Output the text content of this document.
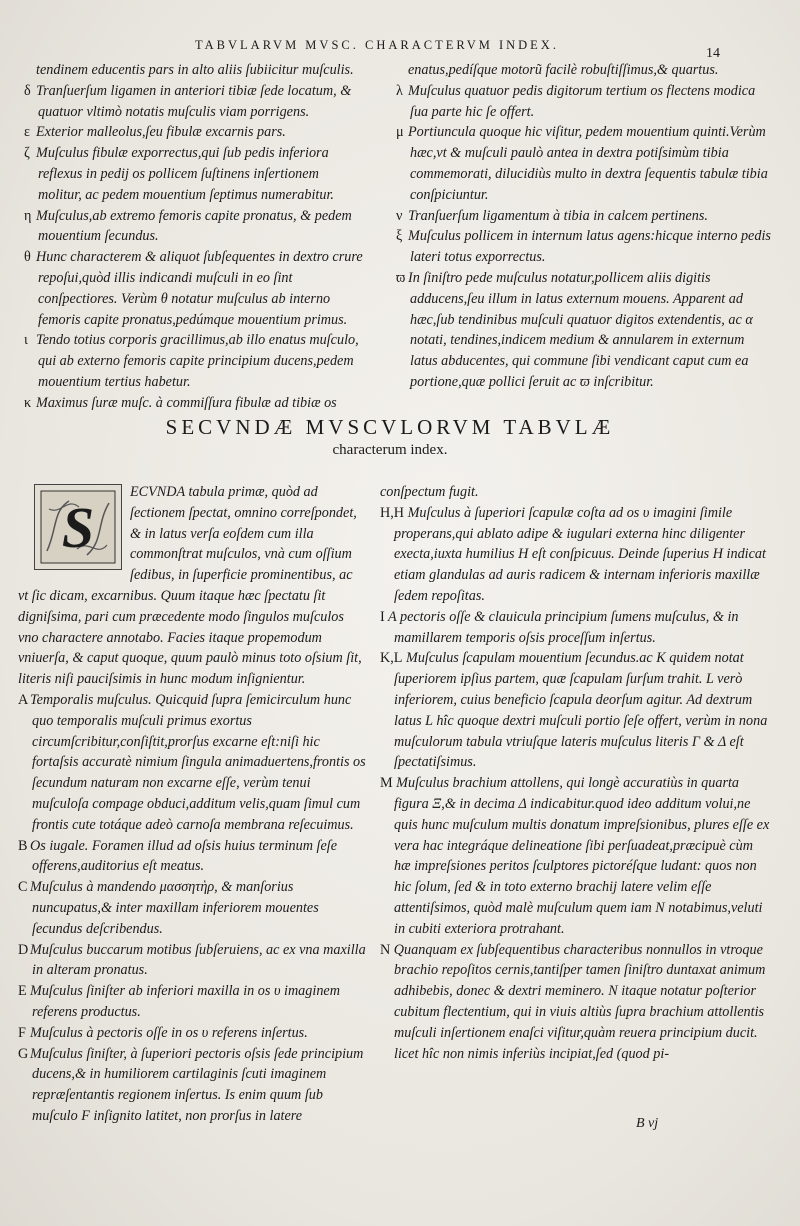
TABVLARVM MVSC. CHARACTERVM INDEX.
14

tendinem educentis pars in alto aliis ſubiicitur muſculis.

δ Tranſuerſum ligamen in anteriori tibiæ ſede locatum, & quatuor vltimò notatis muſculis viam porrigens.

ε Exterior malleolus,ſeu fibulæ excarnis pars.

ζ Muſculus fibulæ exporrectus,qui ſub pedis inferiora reflexus in pedij os pollicem ſuſtinens inſertionem molitur, ac pedem mouentium ſeptimus numerabitur.

η Muſculus,ab extremo femoris capite pronatus, & pedem mouentium ſecundus.

θ Hunc characterem & aliquot ſubſequentes in dextro crure repoſui,quòd illis indicandi muſculi in eo ſint conſpectiores. Verùm θ notatur muſculus ab interno femoris capite pronatus,pedúmque mouentium primus.

ι Tendo totius corporis gracillimus,ab illo enatus muſculo, qui ab externo femoris capite principium ducens,pedem mouentium tertius habetur.

κ Maximus ſuræ muſc. à commiſſura fibulæ ad tibiæ os

enatus,pedíſque motorũ facilè robuſtiſſimus,& quartus.

λ Muſculus quatuor pedis digitorum tertium os flectens modica ſua parte hic ſe offert.

μ Portiuncula quoque hic viſitur, pedem mouentium quinti.Verùm hæc,vt & muſculi paulò antea in dextra potiſsimùm tibia commemorati, dilucidiùs multo in dextra ſequentis tabulæ tibia conſpiciuntur.

ν Tranſuerſum ligamentum à tibia in calcem pertinens.

ξ Muſculus pollicem in internum latus agens:hicque interno pedis lateri totus exporrectus.

ϖ In ſiniſtro pede muſculus notatur,pollicem aliis digitis adducens,ſeu illum in latus externum mouens. Apparent ad hæc,ſub tendinibus muſculi quatuor digitos extendentis, ac α notati, tendines,indicem medium & annularem in externum latus abducentes, qui commune ſibi vendicant caput cum ea portione,quæ pollici ſeruit ac ϖ inſcribitur.

SECVNDÆ MVSCVLORVM TABVLÆ
characterum index.

S
ECVNDA tabula primæ, quòd ad ſectionem ſpectat, omnino correſpondet, & in latus verſa eoſdem cum illa commonſtrat muſculos, vnà cum oſſium ſedibus, in ſuperficie prominentibus, ac vt ſic dicam, excarnibus. Quum itaque hæc ſpectatu ſit digniſsima, pari cum præcedente modo ſingulos muſculos vno charactere annotabo. Facies itaque propemodum vniuerſa, & caput quoque, quum paulò minus toto oſsium ſit, literis niſi pauciſsimis in hunc modum inſignientur.

A Temporalis muſculus. Quicquid ſupra ſemicirculum hunc quo temporalis muſculi primus exortus circumſcribitur,conſiſtit,prorſus excarne eſt:niſi hic fortaſsis accuratè nimium ſingula animaduertens,frontis os ſecundum naturam non excarne eſſe, verùm tenui muſculoſa compage obduci,additum velis,quam ſimul cum frontis cute totáque adeò carnoſa membrana reſecuimus.

B Os iugale. Foramen illud ad oſsis huius terminum ſeſe offerens,auditorius eſt meatus.

C Muſculus à mandendo μασσητὴρ, & manſorius nuncupatus,& inter maxillam inferiorem mouentes ſecundus deſcribendus.

D Muſculus buccarum motibus ſubſeruiens, ac ex vna maxilla in alteram pronatus.

E Muſculus ſiniſter ab inferiori maxilla in os υ imaginem referens productus.

F Muſculus à pectoris oſſe in os υ referens inſertus.

G Muſculus ſiniſter, à ſuperiori pectoris oſsis ſede principium ducens,& in humiliorem cartilaginis ſcuti imaginem repræſentantis regionem inſertus. Is enim quum ſub muſculo F inſignito latitet, non prorſus in latere

conſpectum fugit.

H,H Muſculus à ſuperiori ſcapulæ coſta ad os υ imagini ſimile properans,qui ablato adipe & iugulari externa hinc diligenter execta,iuxta humilius H eſt conſpicuus. Deinde ſuperius H indicat etiam glandulas ad auris radicem & internam inferioris maxillæ ſedem repoſitas.

I A pectoris oſſe & clauicula principium ſumens muſculus, & in mamillarem temporis oſsis proceſſum inſertus.

K,L Muſculus ſcapulam mouentium ſecundus.ac K quidem notat ſuperiorem ipſius partem, quæ ſcapulam ſurſum trahit. L verò inferiorem, cuius beneficio ſcapula deorſum agitur. Ad dextrum latus L hîc quoque dextri muſculi portio ſeſe offert, verùm in nona muſculorum tabula vtriuſque lateris muſculus literis Γ & Δ eſt ſpectatiſsimus.

M Muſculus brachium attollens, qui longè accuratiùs in quarta figura Ξ,& in decima Δ indicabitur.quod ideo additum volui,ne quis hunc muſculum multis donatum impreſsionibus, plures eſſe ex vera hac integráque delineatione ſibi perſuadeat,præcipuè cùm hæ impreſsiones peritos ſculptores pictoréſque ludant: quos non hic ſolum, ſed & in toto externo brachij latere velim eſſe attentiſsimos, quòd malè muſculum quem iam N notabimus,veluti in cubiti exteriora protrahant.

N Quanquam ex ſubſequentibus characteribus nonnullos in vtroque brachio repoſitos cernis,tantiſper tamen ſiniſtro duntaxat animum adhibebis, donec & dextri meminero. N itaque notatur poſterior cubitum flectentium, qui in viuis altiùs ſupra brachium attollentis muſculi inſertionem enaſci viſitur,quàm reuera principium ducit. licet hîc non nimis inferiùs incipiat,ſed (quod pi-

B vj
